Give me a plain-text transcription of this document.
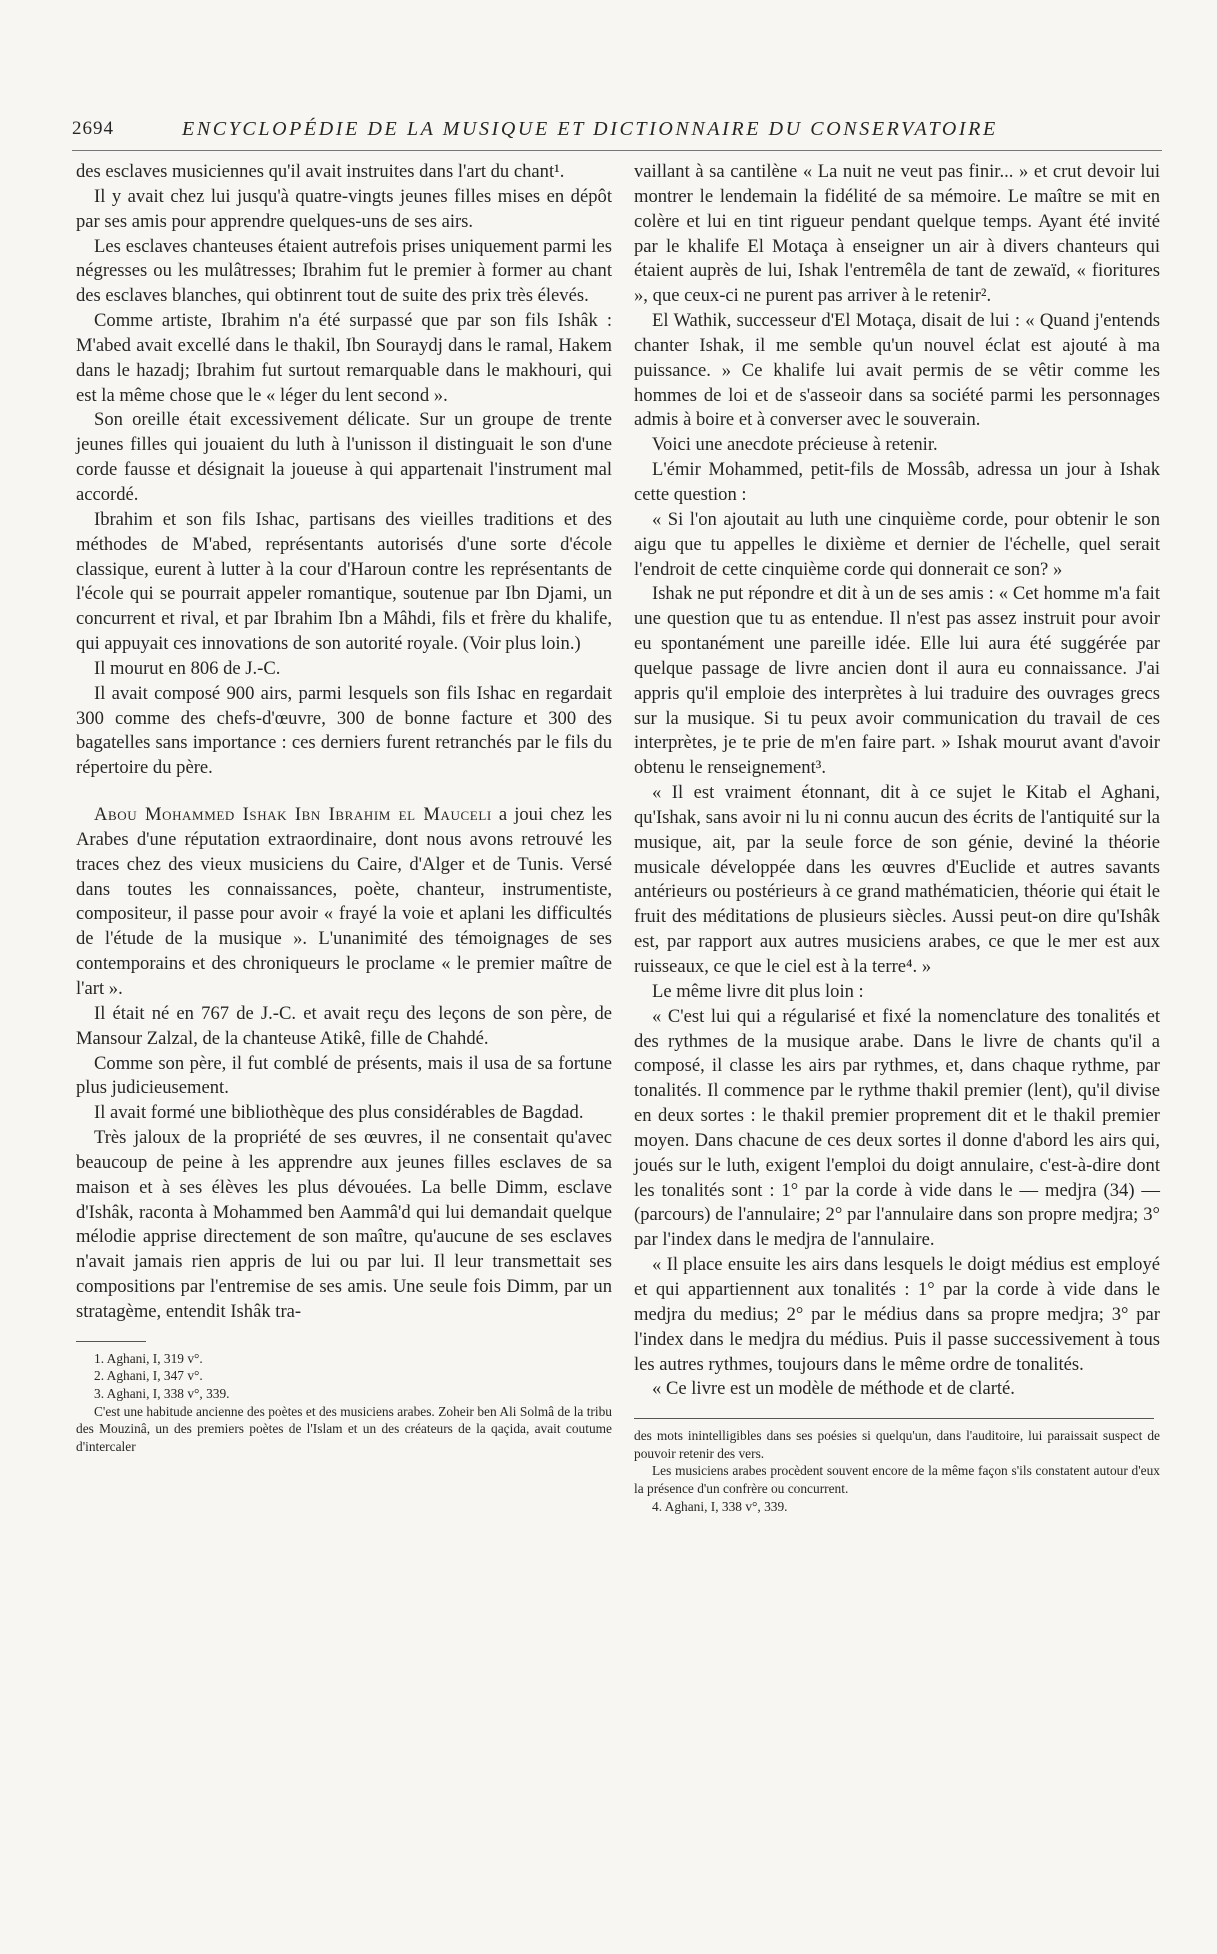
2694	ENCYCLOPÉDIE DE LA MUSIQUE ET DICTIONNAIRE DU CONSERVATOIRE

des esclaves musiciennes qu'il avait instruites dans l'art du chant¹.

Il y avait chez lui jusqu'à quatre-vingts jeunes filles mises en dépôt par ses amis pour apprendre quelques-uns de ses airs.

Les esclaves chanteuses étaient autrefois prises uniquement parmi les négresses ou les mulâtresses; Ibrahim fut le premier à former au chant des esclaves blanches, qui obtinrent tout de suite des prix très élevés.

Comme artiste, Ibrahim n'a été surpassé que par son fils Ishâk : M'abed avait excellé dans le thakil, Ibn Souraydj dans le ramal, Hakem dans le hazadj; Ibrahim fut surtout remarquable dans le makhouri, qui est la même chose que le « léger du lent second ».

Son oreille était excessivement délicate. Sur un groupe de trente jeunes filles qui jouaient du luth à l'unisson il distinguait le son d'une corde fausse et désignait la joueuse à qui appartenait l'instrument mal accordé.

Ibrahim et son fils Ishac, partisans des vieilles traditions et des méthodes de M'abed, représentants autorisés d'une sorte d'école classique, eurent à lutter à la cour d'Haroun contre les représentants de l'école qui se pourrait appeler romantique, soutenue par Ibn Djami, un concurrent et rival, et par Ibrahim Ibn a Mâhdi, fils et frère du khalife, qui appuyait ces innovations de son autorité royale. (Voir plus loin.)

Il mourut en 806 de J.-C.

Il avait composé 900 airs, parmi lesquels son fils Ishac en regardait 300 comme des chefs-d'œuvre, 300 de bonne facture et 300 des bagatelles sans importance : ces derniers furent retranchés par le fils du répertoire du père.

Abou Mohammed Ishak Ibn Ibrahim el Mauceli a joui chez les Arabes d'une réputation extraordinaire, dont nous avons retrouvé les traces chez des vieux musiciens du Caire, d'Alger et de Tunis. Versé dans toutes les connaissances, poète, chanteur, instrumentiste, compositeur, il passe pour avoir « frayé la voie et aplani les difficultés de l'étude de la musique ». L'unanimité des témoignages de ses contemporains et des chroniqueurs le proclame « le premier maître de l'art ».

Il était né en 767 de J.-C. et avait reçu des leçons de son père, de Mansour Zalzal, de la chanteuse Atikê, fille de Chahdé.

Comme son père, il fut comblé de présents, mais il usa de sa fortune plus judicieusement.

Il avait formé une bibliothèque des plus considérables de Bagdad.

Très jaloux de la propriété de ses œuvres, il ne consentait qu'avec beaucoup de peine à les apprendre aux jeunes filles esclaves de sa maison et à ses élèves les plus dévouées. La belle Dimm, esclave d'Ishâk, raconta à Mohammed ben Aammâ'd qui lui demandait quelque mélodie apprise directement de son maître, qu'aucune de ses esclaves n'avait jamais rien appris de lui ou par lui. Il leur transmettait ses compositions par l'entremise de ses amis. Une seule fois Dimm, par un stratagème, entendit Ishâk tra-

1. Aghani, I, 319 v°.

2. Aghani, I, 347 v°.

3. Aghani, I, 338 v°, 339.

C'est une habitude ancienne des poètes et des musiciens arabes. Zoheir ben Ali Solmâ de la tribu des Mouzinâ, un des premiers poètes de l'Islam et un des créateurs de la qaçida, avait coutume d'intercaler

vaillant à sa cantilène « La nuit ne veut pas finir... » et crut devoir lui montrer le lendemain la fidélité de sa mémoire. Le maître se mit en colère et lui en tint rigueur pendant quelque temps. Ayant été invité par le khalife El Motaça à enseigner un air à divers chanteurs qui étaient auprès de lui, Ishak l'entremêla de tant de zewaïd, « fioritures », que ceux-ci ne purent pas arriver à le retenir².

El Wathik, successeur d'El Motaça, disait de lui : « Quand j'entends chanter Ishak, il me semble qu'un nouvel éclat est ajouté à ma puissance. » Ce khalife lui avait permis de se vêtir comme les hommes de loi et de s'asseoir dans sa société parmi les personnages admis à boire et à converser avec le souverain.

Voici une anecdote précieuse à retenir.

L'émir Mohammed, petit-fils de Mossâb, adressa un jour à Ishak cette question :

« Si l'on ajoutait au luth une cinquième corde, pour obtenir le son aigu que tu appelles le dixième et dernier de l'échelle, quel serait l'endroit de cette cinquième corde qui donnerait ce son? »

Ishak ne put répondre et dit à un de ses amis : « Cet homme m'a fait une question que tu as entendue. Il n'est pas assez instruit pour avoir eu spontanément une pareille idée. Elle lui aura été suggérée par quelque passage de livre ancien dont il aura eu connaissance. J'ai appris qu'il emploie des interprètes à lui traduire des ouvrages grecs sur la musique. Si tu peux avoir communication du travail de ces interprètes, je te prie de m'en faire part. » Ishak mourut avant d'avoir obtenu le renseignement³.

« Il est vraiment étonnant, dit à ce sujet le Kitab el Aghani, qu'Ishak, sans avoir ni lu ni connu aucun des écrits de l'antiquité sur la musique, ait, par la seule force de son génie, deviné la théorie musicale développée dans les œuvres d'Euclide et autres savants antérieurs ou postérieurs à ce grand mathématicien, théorie qui était le fruit des méditations de plusieurs siècles. Aussi peut-on dire qu'Ishâk est, par rapport aux autres musiciens arabes, ce que le mer est aux ruisseaux, ce que le ciel est à la terre⁴. »

Le même livre dit plus loin :

« C'est lui qui a régularisé et fixé la nomenclature des tonalités et des rythmes de la musique arabe. Dans le livre de chants qu'il a composé, il classe les airs par rythmes, et, dans chaque rythme, par tonalités. Il commence par le rythme thakil premier (lent), qu'il divise en deux sortes : le thakil premier proprement dit et le thakil premier moyen. Dans chacune de ces deux sortes il donne d'abord les airs qui, joués sur le luth, exigent l'emploi du doigt annulaire, c'est-à-dire dont les tonalités sont : 1° par la corde à vide dans le — medjra (34) — (parcours) de l'annulaire; 2° par l'annulaire dans son propre medjra; 3° par l'index dans le medjra de l'annulaire.

« Il place ensuite les airs dans lesquels le doigt médius est employé et qui appartiennent aux tonalités : 1° par la corde à vide dans le medjra du medius; 2° par le médius dans sa propre medjra; 3° par l'index dans le medjra du médius. Puis il passe successivement à tous les autres rythmes, toujours dans le même ordre de tonalités.

« Ce livre est un modèle de méthode et de clarté.

des mots inintelligibles dans ses poésies si quelqu'un, dans l'auditoire, lui paraissait suspect de pouvoir retenir des vers.

Les musiciens arabes procèdent souvent encore de la même façon s'ils constatent autour d'eux la présence d'un confrère ou concurrent.

4. Aghani, I, 338 v°, 339.
